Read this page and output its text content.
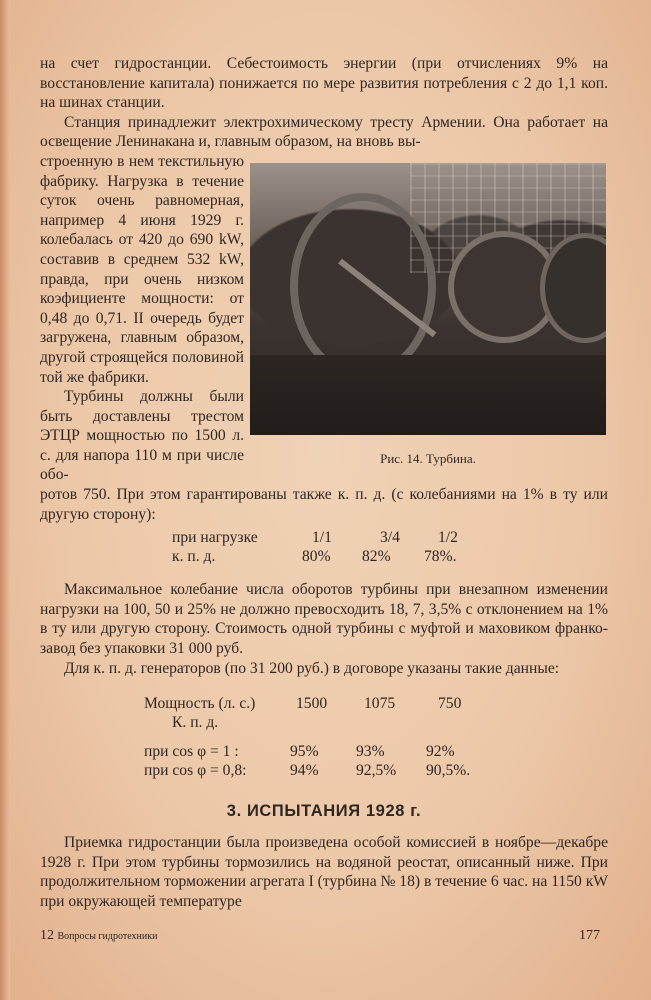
на счет гидростанции. Себестоимость энергии (при отчислениях 9% на восстановление капитала) понижается по мере развития потребления с 2 до 1,1 коп. на шинах станции.

Станция принадлежит электрохимическому тресту Армении. Она работает на освещение Ленинакана и, главным образом, на вновь вы-

строенную в нем текстильную фабрику. Нагрузка в течение суток очень равномерная, например 4 июня 1929 г. колебалась от 420 до 690 kW, составив в среднем 532 kW, правда, при очень низком коэфициенте мощности: от 0,48 до 0,71. II очередь будет загружена, главным образом, другой строящейся половиной той же фабрики.
Турбины должны были быть доставлены трестом ЭТЦР мощностью по 1500 л. с. для напора 110 м при числе обо-

ротов 750. При этом гарантированы также к. п. д. (с колебаниями на 1% в ту или другую сторону):

при нагрузке	1/1	3/4 1/2
к. п. д.	80% 82% 78%.

Максимальное колебание числа оборотов турбины при внезапном изменении нагрузки на 100, 50 и 25% не должно превосходить 18, 7, 3,5% с отклонением на 1% в ту или другую сторону. Стоимость одной турбины с муфтой и маховиком франко-завод без упаковки 31 000 руб.

Для к. п. д. генераторов (по 31 200 руб.) в договоре указаны такие данные:

Мощность (л. с.)	1500 1075	750
К. п. д.
при cos φ = 1 :	95% 93%	92%
при cos φ = 0,8:	94% 92,5% 90,5%.
3. ИСПЫТАНИЯ 1928 г.

Приемка гидростанции была произведена особой комиссией в ноябре—декабре 1928 г. При этом турбины тормозились на водяной реостат, описанный ниже. При продолжительном торможении агрегата I (турбина № 18) в течение 6 час. на 1150 кW при окружающей температуре

Рис. 14. Турбина.
12 Вопросы гидротехники	177
